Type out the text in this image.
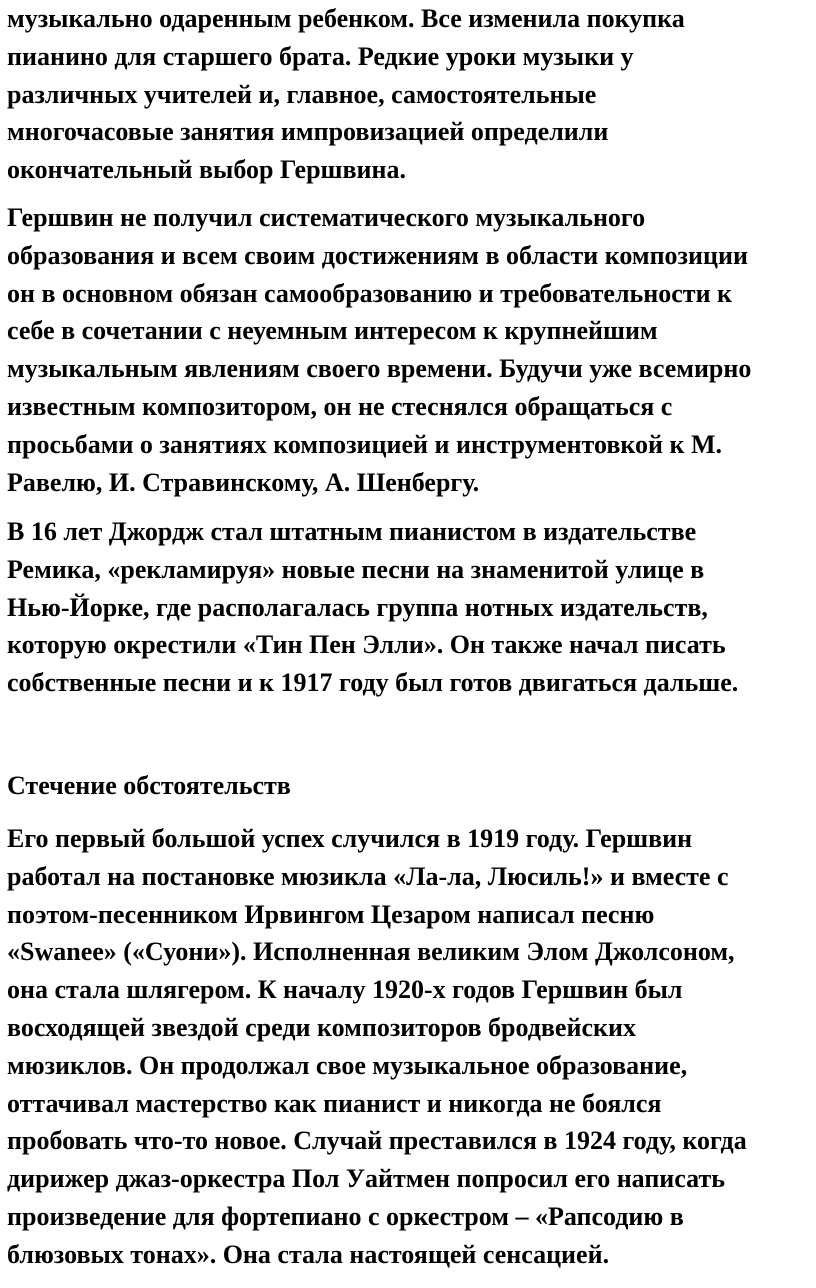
музыкально одаренным ребенком. Все изменила покупка
пианино для старшего брата. Редкие уроки музыки у
различных учителей и, главное, самостоятельные
многочасовые занятия импровизацией определили
окончательный выбор Гершвина.

Гершвин не получил систематического музыкального
образования и всем своим достижениям в области композиции
он в основном обязан самообразованию и требовательности к
себе в сочетании с неуемным интересом к крупнейшим
музыкальным явлениям своего времени. Будучи уже всемирно
известным композитором, он не стеснялся обращаться с
просьбами о занятиях композицией и инструментовкой к М.
Равелю, И. Стравинскому, А. Шенбергу.

В 16 лет Джордж стал штатным пианистом в издательстве
Ремика, «рекламируя» новые песни на знаменитой улице в
Нью-Йорке, где располагалась группа нотных издательств,
которую окрестили «Тин Пен Элли». Он также начал писать
собственные песни и к 1917 году был готов двигаться дальше.

Стечение обстоятельств

Его первый большой успех случился в 1919 году. Гершвин
работал на постановке мюзикла «Ла-ла, Люсиль!» и вместе с
поэтом-песенником Ирвингом Цезаром написал песню
«Swanee» («Суони»). Исполненная великим Элом Джолсоном,
она стала шлягером. К началу 1920-х годов Гершвин был
восходящей звездой среди композиторов бродвейских
мюзиклов. Он продолжал свое музыкальное образование,
оттачивал мастерство как пианист и никогда не боялся
пробовать что-то новое. Случай преставился в 1924 году, когда
дирижер джаз-оркестра Пол Уайтмен попросил его написать
произведение для фортепиано с оркестром – «Рапсодию в
блюзовых тонах». Она стала настоящей сенсацией.
